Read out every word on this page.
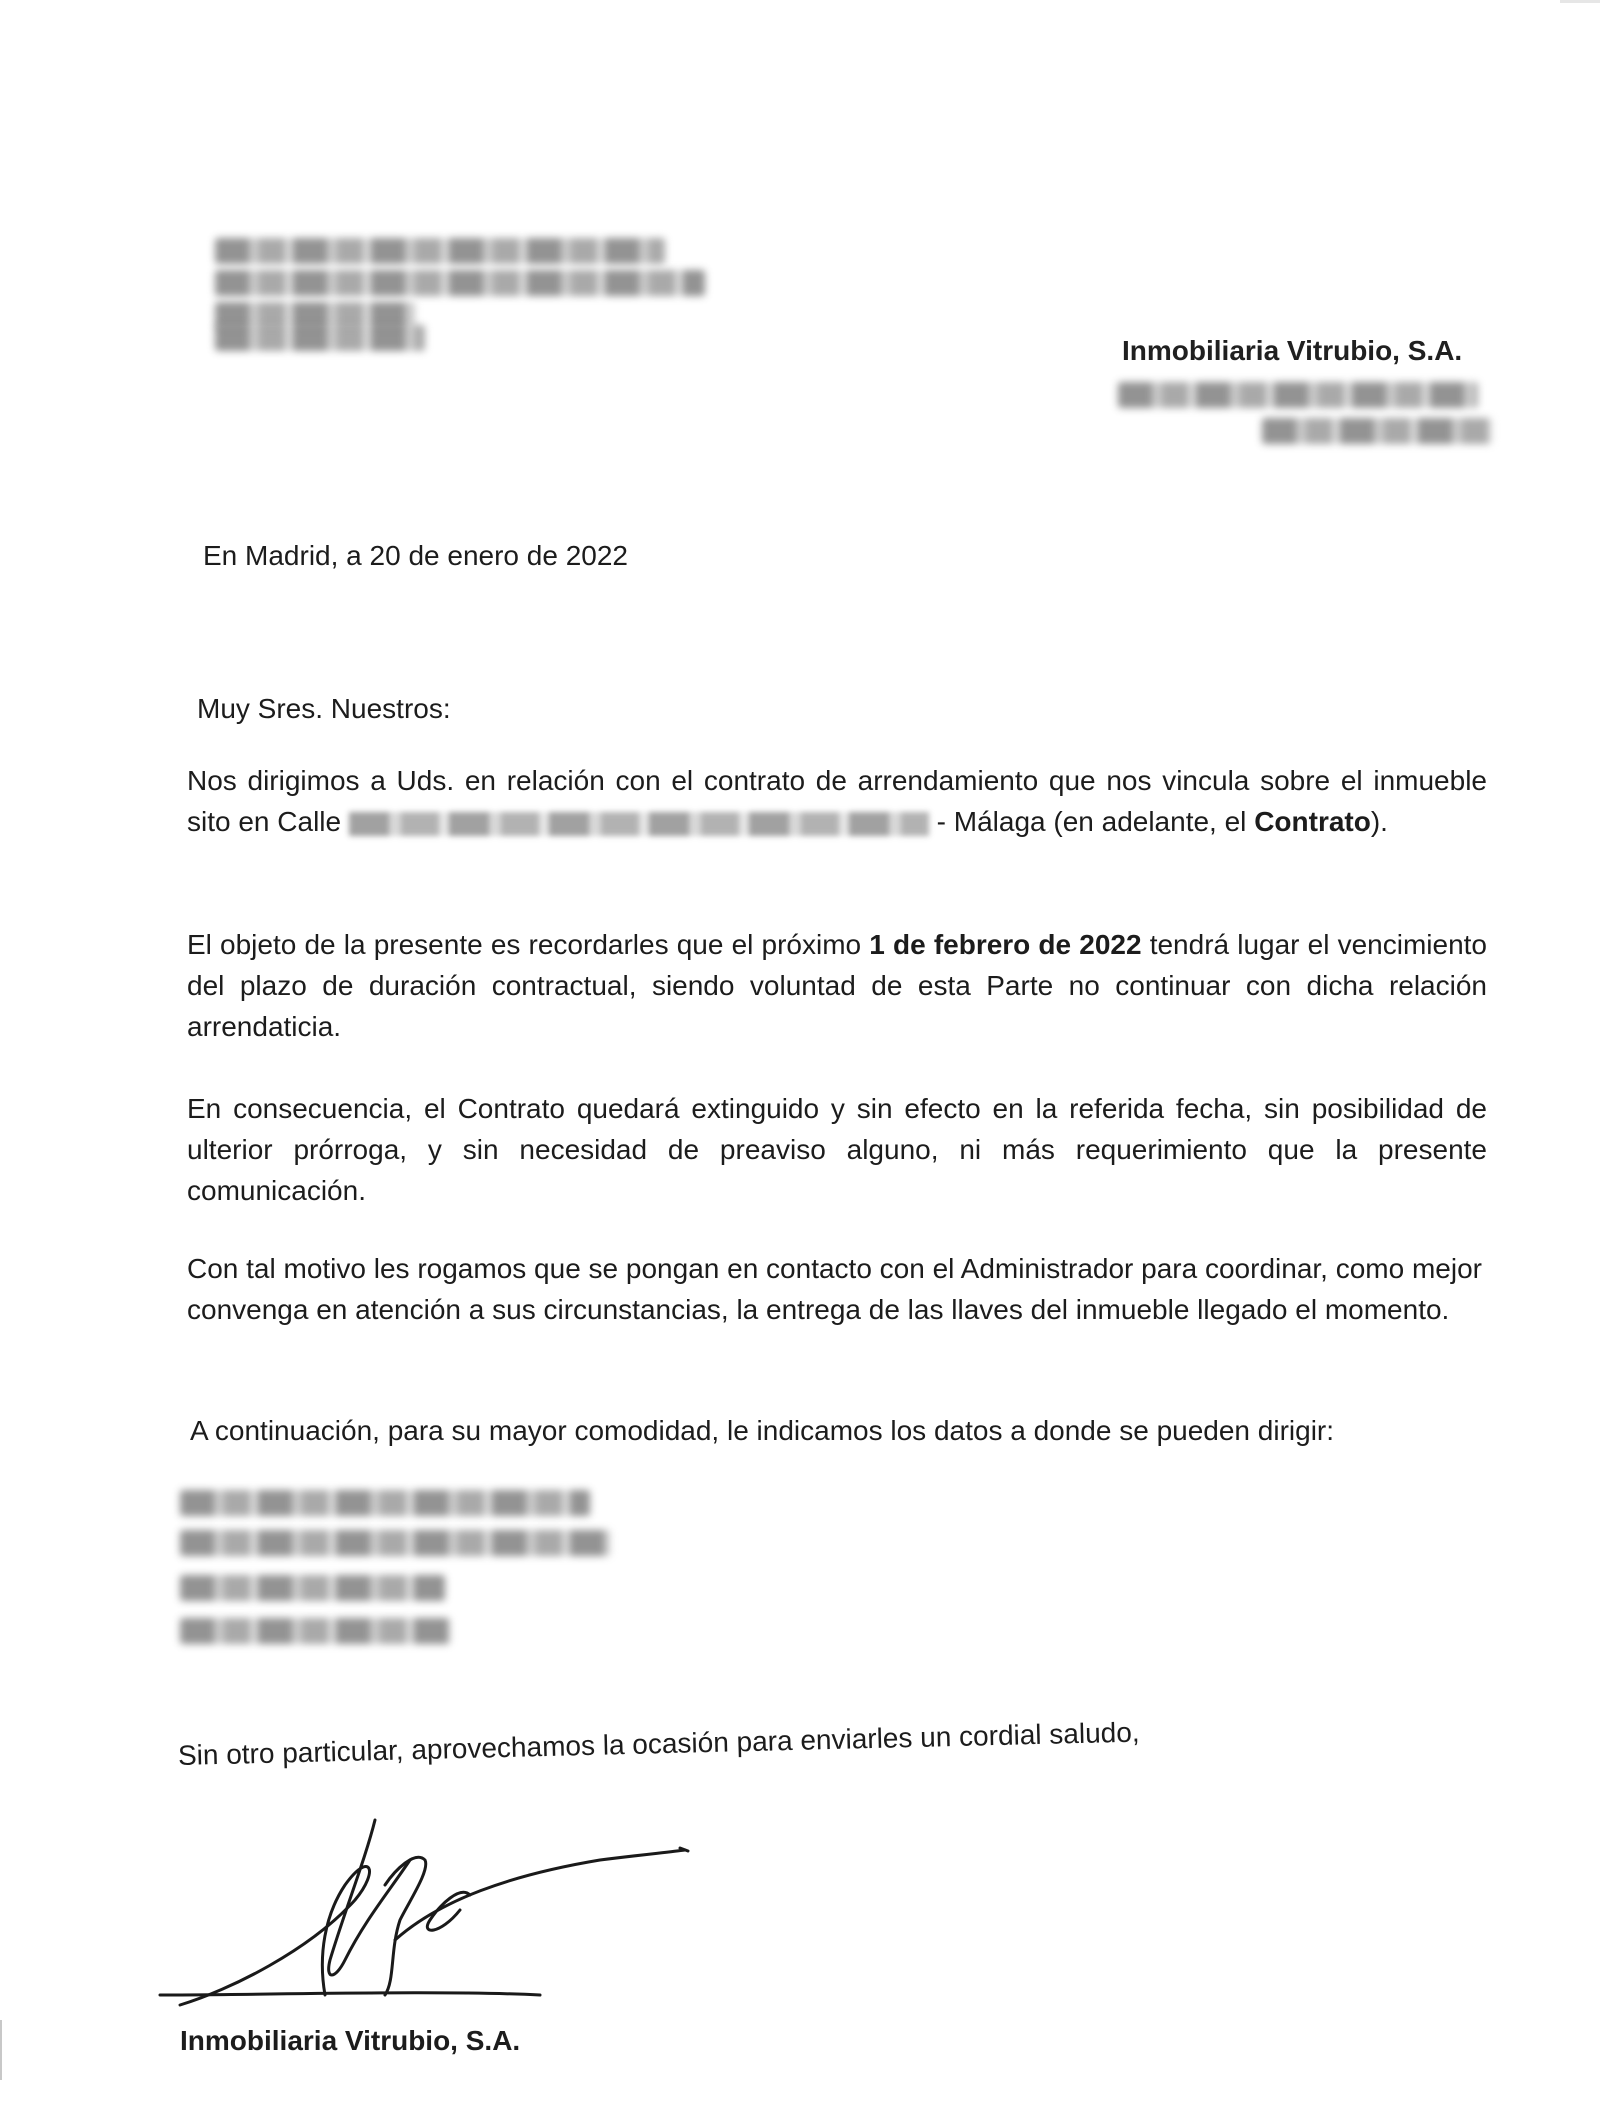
Inmobiliaria Vitrubio, S.A.
En Madrid, a 20 de enero de 2022
Muy Sres. Nuestros:
Nos dirigimos a Uds. en relación con el contrato de arrendamiento que nos vincula sobre el inmueble sito en Calle	- Málaga (en adelante, el Contrato).
El objeto de la presente es recordarles que el próximo 1 de febrero de 2022 tendrá lugar el vencimiento del plazo de duración contractual, siendo voluntad de esta Parte no continuar con dicha relación arrendaticia.
En consecuencia, el Contrato quedará extinguido y sin efecto en la referida fecha, sin posibilidad de ulterior prórroga, y sin necesidad de preaviso alguno, ni más requerimiento que la presente comunicación.
Con tal motivo les rogamos que se pongan en contacto con el Administrador para coordinar, como mejor convenga en atención a sus circunstancias, la entrega de las llaves del inmueble llegado el momento.
A continuación, para su mayor comodidad, le indicamos los datos a donde se pueden dirigir:
Sin otro particular, aprovechamos la ocasión para enviarles un cordial saludo,
Inmobiliaria Vitrubio, S.A.
